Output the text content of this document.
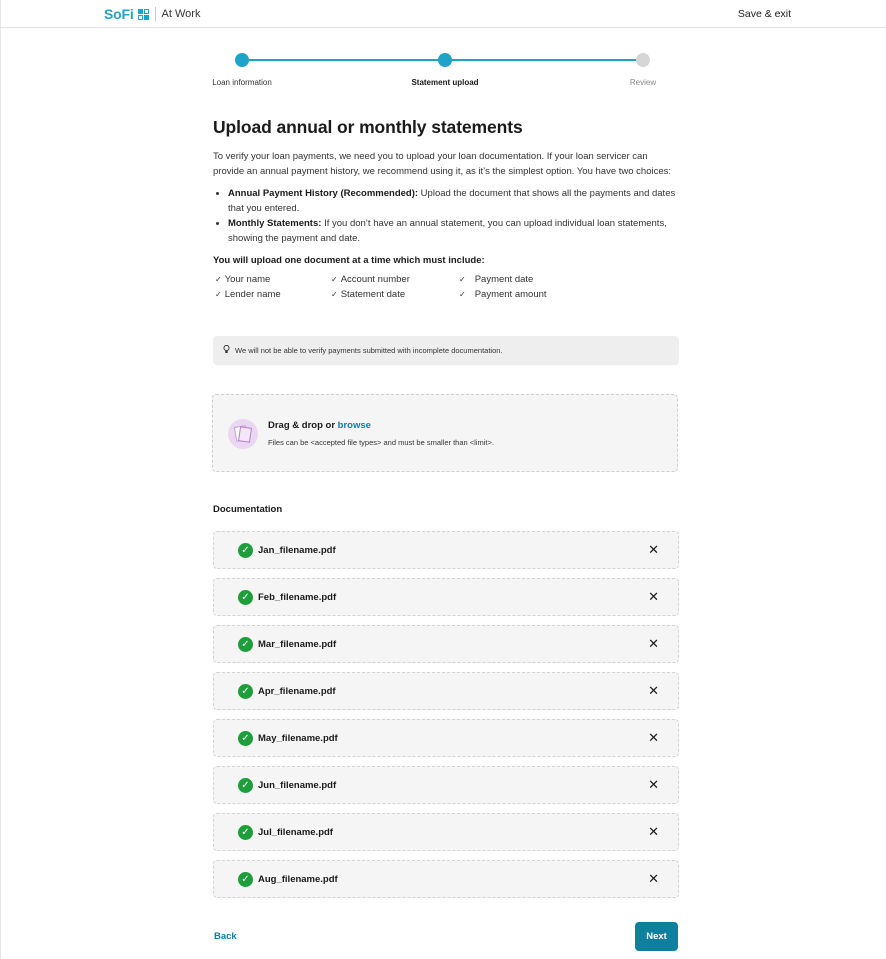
SoFi	At Work	Save & exit
Loan information	Statement upload	Review
Upload annual or monthly statements

To verify your loan payments, we need you to upload your loan documentation. If your loan servicer can provide an annual payment history, we recommend using it, as it’s the simplest option. You have two choices:

• Annual Payment History (Recommended): Upload the document that shows all the payments and dates that you entered.
• Monthly Statements: If you don’t have an annual statement, you can upload individual loan statements, showing the payment and date.
You will upload one document at a time which must include:
✓ Your name
✓ Lender name
✓ Account number
✓ Statement date
✓ Payment date
✓ Payment amount
We will not be able to verify payments submitted with incomplete documentation.
Drag & drop or browse
Files can be <accepted file types> and must be smaller than <limit>.
Documentation
✓ Jan_filename.pdf	✕
✓ Feb_filename.pdf	✕
✓ Mar_filename.pdf	✕
✓ Apr_filename.pdf	✕
✓ May_filename.pdf	✕
✓ Jun_filename.pdf	✕
✓ Jul_filename.pdf	✕
✓ Aug_filename.pdf	✕
Back	Next
